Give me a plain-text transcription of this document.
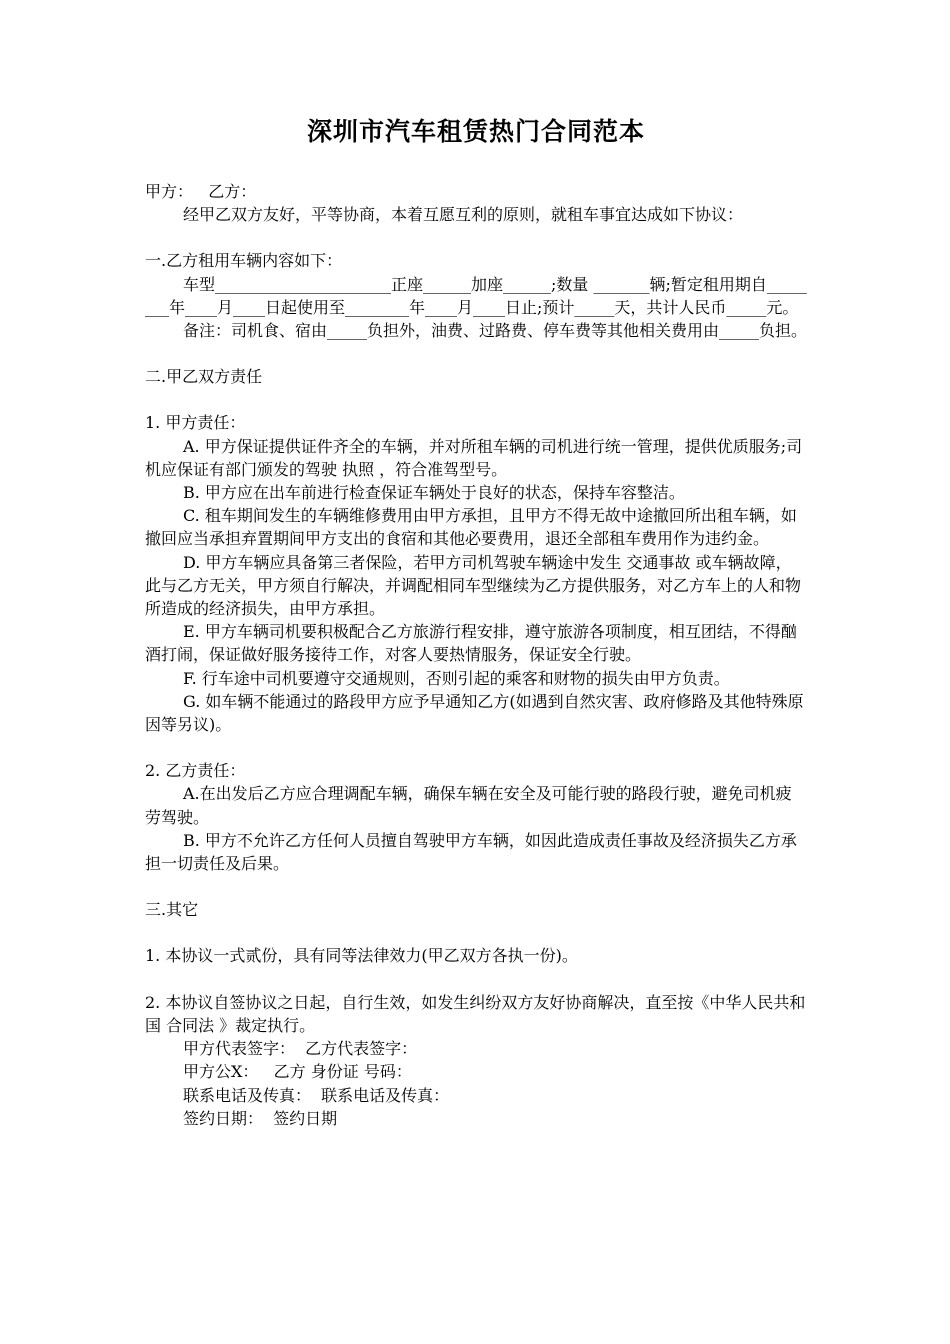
深圳市汽车租赁热门合同范本

甲方：   乙方：

经甲乙双方友好，平等协商，本着互愿互利的原则，就租车事宜达成如下协议：

一.乙方租用车辆内容如下：

车型______________________正座______加座______;数量 _______辆;暂定租用期自________年____月____日起使用至________年____月____日止;预计_____天，共计人民币_____元。

备注：司机食、宿由_____负担外，油费、过路费、停车费等其他相关费用由_____负担。

二.甲乙双方责任

1. 甲方责任：

A. 甲方保证提供证件齐全的车辆，并对所租车辆的司机进行统一管理，提供优质服务;司机应保证有部门颁发的驾驶 执照 ，符合准驾型号。

B. 甲方应在出车前进行检查保证车辆处于良好的状态，保持车容整洁。

C. 租车期间发生的车辆维修费用由甲方承担，且甲方不得无故中途撤回所出租车辆，如撤回应当承担弃置期间甲方支出的食宿和其他必要费用，退还全部租车费用作为违约金。

D. 甲方车辆应具备第三者保险，若甲方司机驾驶车辆途中发生 交通事故 或车辆故障，此与乙方无关，甲方须自行解决，并调配相同车型继续为乙方提供服务，对乙方车上的人和物所造成的经济损失，由甲方承担。

E. 甲方车辆司机要积极配合乙方旅游行程安排，遵守旅游各项制度，相互团结，不得酗酒打闹，保证做好服务接待工作，对客人要热情服务，保证安全行驶。

F. 行车途中司机要遵守交通规则，否则引起的乘客和财物的损失由甲方负责。

G. 如车辆不能通过的路段甲方应予早通知乙方(如遇到自然灾害、政府修路及其他特殊原因等另议)。

2. 乙方责任：

A.在出发后乙方应合理调配车辆，确保车辆在安全及可能行驶的路段行驶，避免司机疲劳驾驶。

B. 甲方不允许乙方任何人员擅自驾驶甲方车辆，如因此造成责任事故及经济损失乙方承担一切责任及后果。

三.其它

1. 本协议一式贰份，具有同等法律效力(甲乙双方各执一份)。

2. 本协议自签协议之日起，自行生效，如发生纠纷双方友好协商解决，直至按《中华人民共和国 合同法 》裁定执行。

甲方代表签字：  乙方代表签字：

甲方公X：   乙方 身份证 号码：

联系电话及传真：  联系电话及传真：

签约日期：  签约日期
